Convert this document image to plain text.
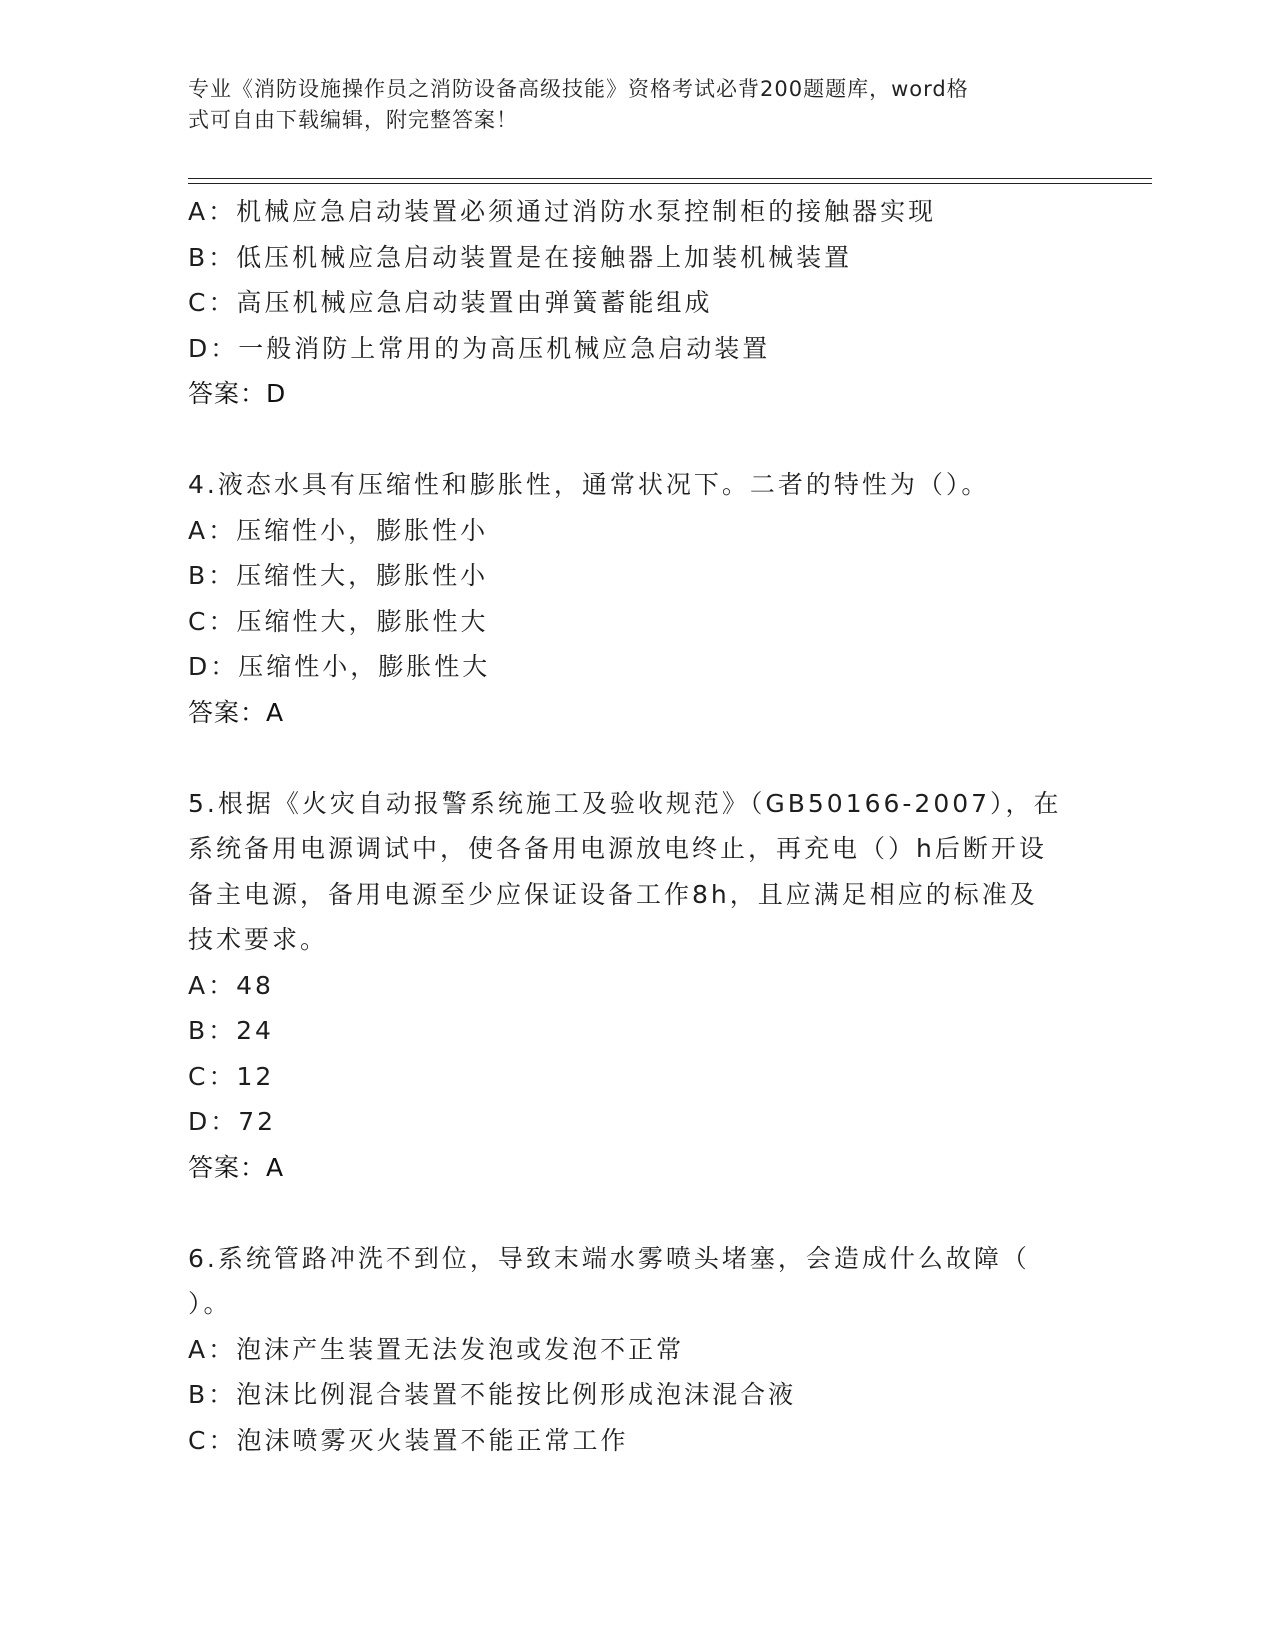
专业《消防设施操作员之消防设备高级技能》资格考试必背200题题库，word格
式可自由下载编辑，附完整答案！
A：机械应急启动装置必须通过消防水泵控制柜的接触器实现
B：低压机械应急启动装置是在接触器上加装机械装置
C：高压机械应急启动装置由弹簧蓄能组成
D：一般消防上常用的为高压机械应急启动装置
答案：D
4.液态水具有压缩性和膨胀性，通常状况下。二者的特性为（）。
A：压缩性小，膨胀性小
B：压缩性大，膨胀性小
C：压缩性大，膨胀性大
D：压缩性小，膨胀性大
答案：A
5.根据《火灾自动报警系统施工及验收规范》（GB50166-2007），在
系统备用电源调试中，使各备用电源放电终止，再充电（）h后断开设
备主电源，备用电源至少应保证设备工作8h，且应满足相应的标准及
技术要求。
A：48
B：24
C：12
D：72
答案：A
6.系统管路冲洗不到位，导致末端水雾喷头堵塞，会造成什么故障（
）。
A：泡沫产生装置无法发泡或发泡不正常
B：泡沫比例混合装置不能按比例形成泡沫混合液
C：泡沫喷雾灭火装置不能正常工作
